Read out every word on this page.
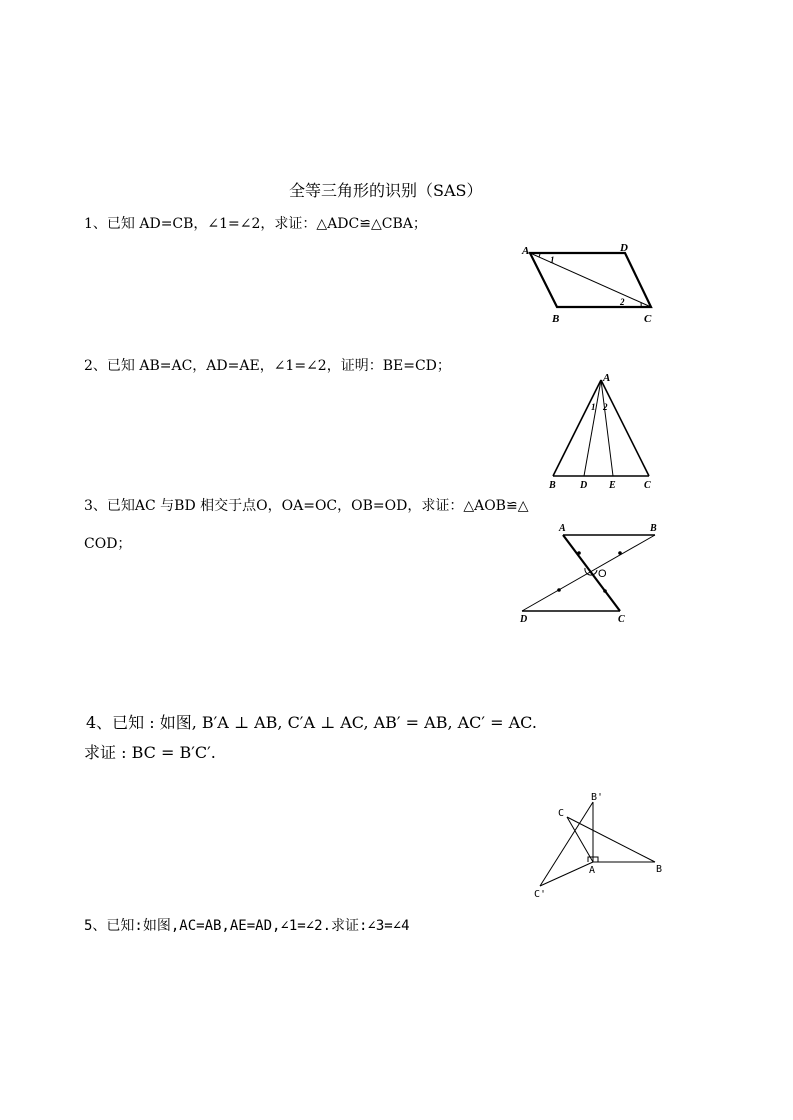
全等三角形的识别（SAS）
1、已知 AD=CB，∠1=∠2，求证：△ADC≌△CBA；
A	D
B	C
1
2
2、已知 AB=AC，AD=AE，∠1=∠2，证明：BE=CD；
A
B D E	C
1 2
3、已知AC 与BD 相交于点O，OA=OC，OB=OD，求证：△AOB≌△
COD；
A	B
O
D	C
4、已知 : 如图, B′A ⊥ AB, C′A ⊥ AC, AB′ = AB, AC′ = AC.
求证 : BC = B′C′.
B'
C
A	B
C'
5、已知:如图,AC=AB,AE=AD,∠1=∠2.求证:∠3=∠4
